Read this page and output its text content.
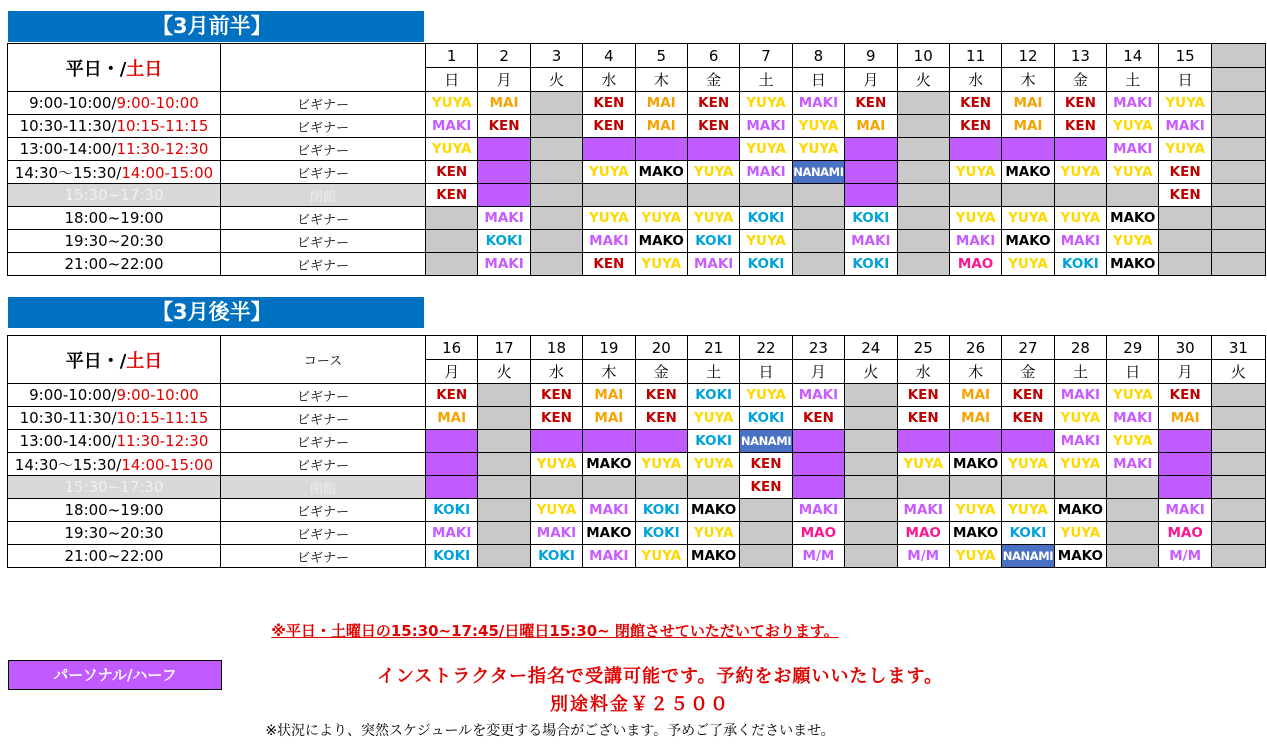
【3月前半】
平日・/土日		1	2	3	4	5	6	7	8	9	10	11	12	13	14	15	
		日	月	火	水	木	金	土	日	月	火	水	木	金	土	日	
9:00-10:00/9:00-10:00	ビギナー	YUYA	MAI		KEN	MAI	KEN	YUYA	MAKI	KEN		KEN	MAI	KEN	MAKI	YUYA	
10:30-11:30/10:15-11:15	ビギナー	MAKI	KEN		KEN	MAI	KEN	MAKI	YUYA	MAI		KEN	MAI	KEN	YUYA	MAKI	
13:00-14:00/11:30-12:30	ビギナー	YUYA						YUYA	YUYA						MAKI	YUYA	
14:30～15:30/14:00-15:00	ビギナー	KEN			YUYA	MAKO	YUYA	MAKI	NANAMI			YUYA	MAKO	YUYA	YUYA	KEN	
15:30~17:30	閉館	KEN														KEN	
18:00~19:00	ビギナー		MAKI		YUYA	YUYA	YUYA	KOKI		KOKI		YUYA	YUYA	YUYA	MAKO		
19:30~20:30	ビギナー		KOKI		MAKI	MAKO	KOKI	YUYA		MAKI		MAKI	MAKO	MAKI	YUYA		
21:00~22:00	ビギナー		MAKI		KEN	YUYA	MAKI	KOKI		KOKI		MAO	YUYA	KOKI	MAKO		
【3月後半】
平日・/土日	コース	16	17	18	19	20	21	22	23	24	25	26	27	28	29	30	31
		月	火	水	木	金	土	日	月	火	水	木	金	土	日	月	火
9:00-10:00/9:00-10:00	ビギナー	KEN		KEN	MAI	KEN	KOKI	YUYA	MAKI		KEN	MAI	KEN	MAKI	YUYA	KEN	
10:30-11:30/10:15-11:15	ビギナー	MAI		KEN	MAI	KEN	YUYA	KOKI	KEN		KEN	MAI	KEN	YUYA	MAKI	MAI	
13:00-14:00/11:30-12:30	ビギナー						KOKI	NANAMI						MAKI	YUYA		
14:30～15:30/14:00-15:00	ビギナー			YUYA	MAKO	YUYA	YUYA	KEN			YUYA	MAKO	YUYA	YUYA	MAKI		
15:30~17:30	閉館							KEN									
18:00~19:00	ビギナー	KOKI		YUYA	MAKI	KOKI	MAKO		MAKI		MAKI	YUYA	YUYA	MAKO		MAKI	
19:30~20:30	ビギナー	MAKI		MAKI	MAKO	KOKI	YUYA		MAO		MAO	MAKO	KOKI	YUYA		MAO	
21:00~22:00	ビギナー	KOKI		KOKI	MAKI	YUYA	MAKO		M/M		M/M	YUYA	NANAMI	MAKO		M/M	
※平日・土曜日の15:30~17:45/日曜日15:30~ 閉館させていただいております。
パーソナル/ハーフ	インストラクター指名で受講可能です。予約をお願いいたします。
別途料金￥２５００
※状況により、突然スケジュールを変更する場合がございます。予めご了承くださいませ。
